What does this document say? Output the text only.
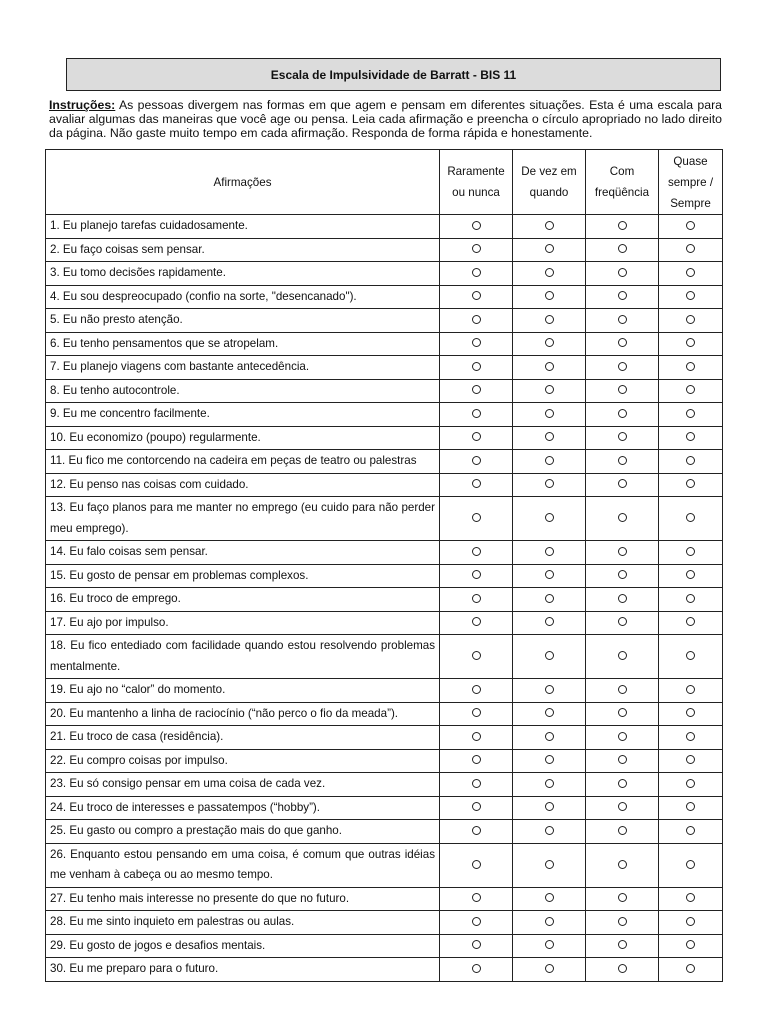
Escala de Impulsividade de Barratt - BIS 11
Instruções: As pessoas divergem nas formas em que agem e pensam em diferentes situações. Esta é uma escala para avaliar algumas das maneiras que você age ou pensa. Leia cada afirmação e preencha o círculo apropriado no lado direito da página. Não gaste muito tempo em cada afirmação. Responda de forma rápida e honestamente.
Afirmações	Raramente ou nunca	De vez em quando	Com freqüência	Quase sempre / Sempre
1. Eu planejo tarefas cuidadosamente.				
2. Eu faço coisas sem pensar.				
3. Eu tomo decisões rapidamente.				
4. Eu sou despreocupado (confio na sorte, "desencanado").				
5. Eu não presto atenção.				
6. Eu tenho pensamentos que se atropelam.				
7. Eu planejo viagens com bastante antecedência.				
8. Eu tenho autocontrole.				
9. Eu me concentro facilmente.				
10. Eu economizo (poupo) regularmente.				
11. Eu fico me contorcendo na cadeira em peças de teatro ou palestras				
12. Eu penso nas coisas com cuidado.				
13. Eu faço planos para me manter no emprego (eu cuido para não perder meu emprego).				
14. Eu falo coisas sem pensar.				
15. Eu gosto de pensar em problemas complexos.				
16. Eu troco de emprego.				
17. Eu ajo por impulso.				
18. Eu fico entediado com facilidade quando estou resolvendo problemas mentalmente.				
19. Eu ajo no “calor” do momento.				
20. Eu mantenho a linha de raciocínio (“não perco o fio da meada”).				
21. Eu troco de casa (residência).				
22. Eu compro coisas por impulso.				
23. Eu só consigo pensar em uma coisa de cada vez.				
24. Eu troco de interesses e passatempos (“hobby”).				
25. Eu gasto ou compro a prestação mais do que ganho.				
26. Enquanto estou pensando em uma coisa, é comum que outras idéias me venham à cabeça ou ao mesmo tempo.				
27. Eu tenho mais interesse no presente do que no futuro.				
28. Eu me sinto inquieto em palestras ou aulas.				
29. Eu gosto de jogos e desafios mentais.				
30. Eu me preparo para o futuro.				
